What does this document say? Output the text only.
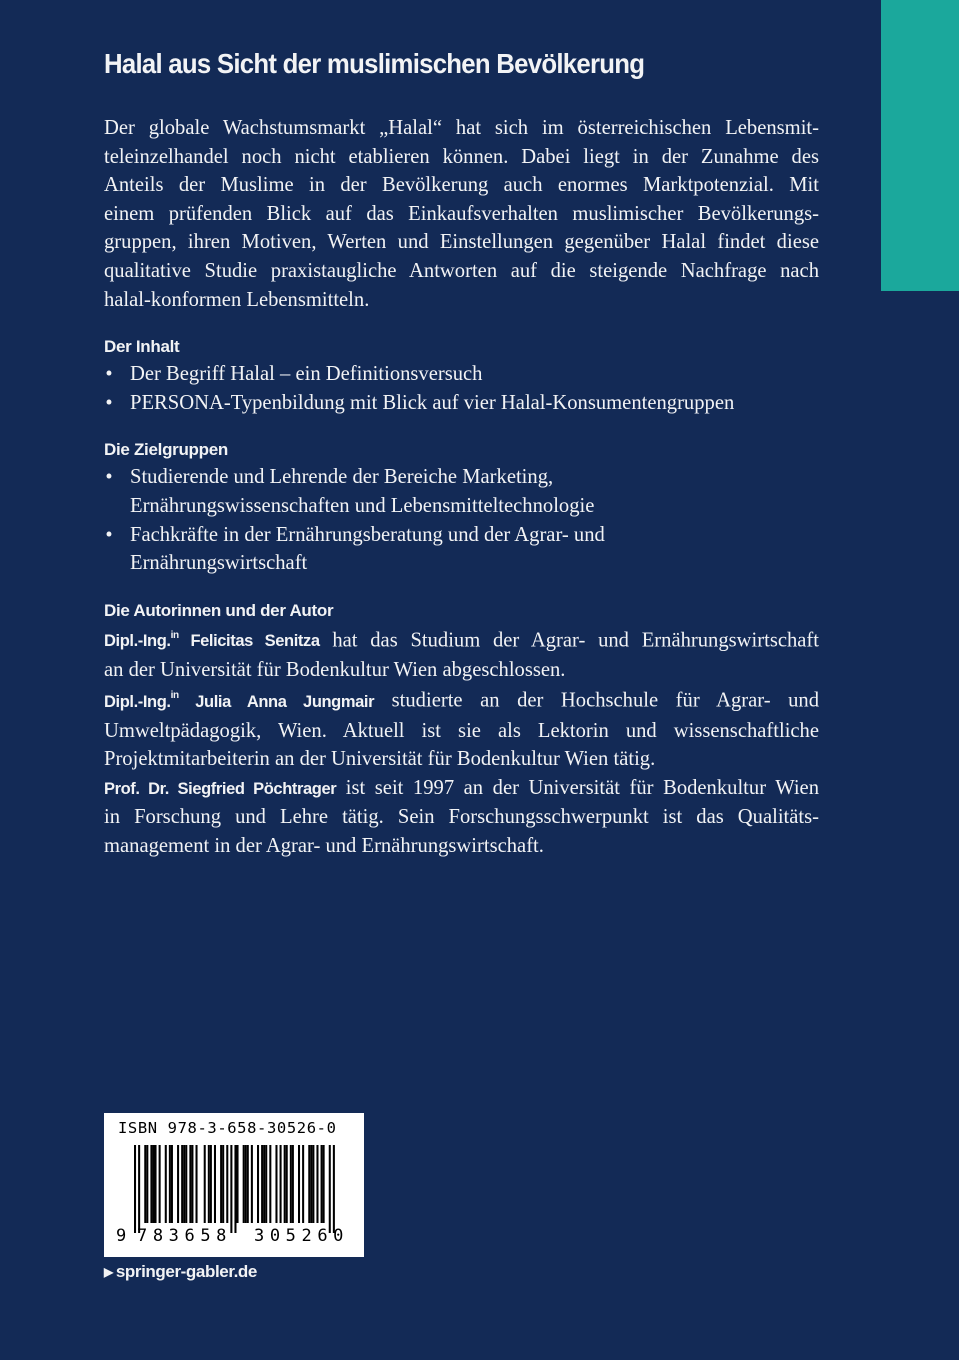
Halal aus Sicht der muslimischen Bevölkerung

Der globale Wachstumsmarkt „Halal“ hat sich im österreichischen Lebensmit-
teleinzelhandel noch nicht etablieren können. Dabei liegt in der Zunahme des
Anteils der Muslime in der Bevölkerung auch enormes Marktpotenzial. Mit
einem prüfenden Blick auf das Einkaufsverhalten muslimischer Bevölkerungs-
gruppen, ihren Motiven, Werten und Einstellungen gegenüber Halal findet diese
qualitative Studie praxistaugliche Antworten auf die steigende Nachfrage nach
halal-konformen Lebensmitteln.

Der Inhalt
• Der Begriff Halal – ein Definitionsversuch
• PERSONA-Typenbildung mit Blick auf vier Halal-Konsumentengruppen
Die Zielgruppen
• Studierende und Lehrende der Bereiche Marketing,
Ernährungswissenschaften und Lebensmitteltechnologie
• Fachkräfte in der Ernährungsberatung und der Agrar- und
Ernährungswirtschaft
Die Autorinnen und der Autor
Dipl.-Ing.$^{in}$ Felicitas Senitza hat das Studium der Agrar- und Ernährungswirtschaft
an der Universität für Bodenkultur Wien abgeschlossen.
Dipl.-Ing.$^{in}$ Julia Anna Jungmair studierte an der Hochschule für Agrar- und
Umweltpädagogik, Wien. Aktuell ist sie als Lektorin und wissenschaftliche
Projektmitarbeiterin an der Universität für Bodenkultur Wien tätig.
Prof. Dr. Siegfried Pöchtrager ist seit 1997 an der Universität für Bodenkultur Wien
in Forschung und Lehre tätig. Sein Forschungsschwerpunkt ist das Qualitäts-
management in der Agrar- und Ernährungswirtschaft.
ISBN 978-3-658-30526-0
9 783658 305260
▶ springer-gabler.de
